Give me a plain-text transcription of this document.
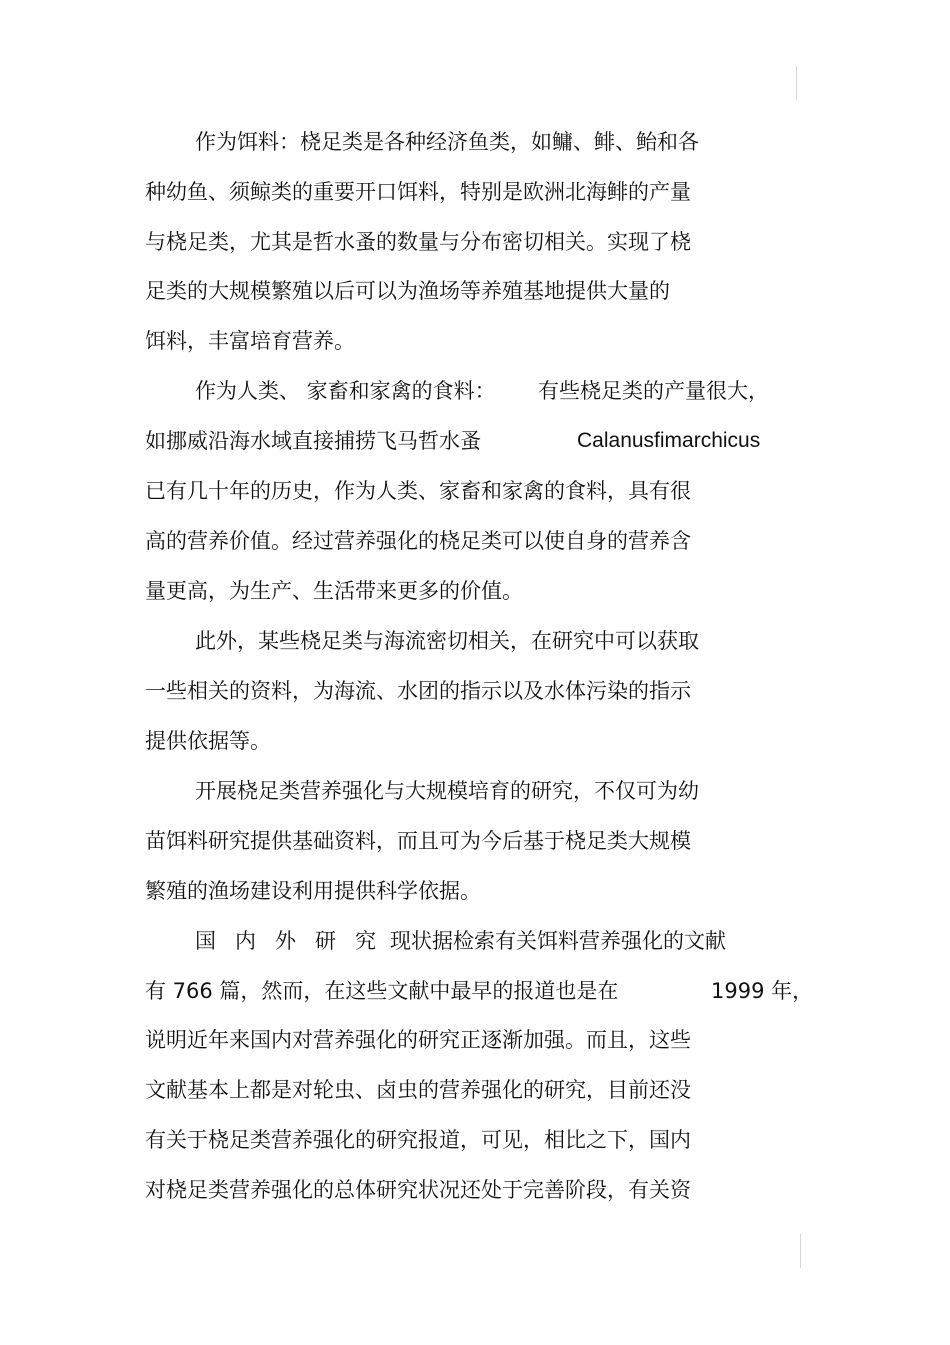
作为饵料：桡足类是各种经济鱼类，如鳙、鲱、鲐和各
种幼鱼、须鲸类的重要开口饵料，特别是欧洲北海鲱的产量
与桡足类，尤其是哲水蚤的数量与分布密切相关。实现了桡
足类的大规模繁殖以后可以为渔场等养殖基地提供大量的
饵料，丰富培育营养。
作为人类、 家畜和家禽的食料： 有些桡足类的产量很大，
如挪威沿海水域直接捕捞飞马哲水蚤	Calanusfimarchicus
已有几十年的历史，作为人类、家畜和家禽的食料，具有很
高的营养价值。经过营养强化的桡足类可以使自身的营养含
量更高，为生产、生活带来更多的价值。
此外，某些桡足类与海流密切相关，在研究中可以获取
一些相关的资料，为海流、水团的指示以及水体污染的指示
提供依据等。
开展桡足类营养强化与大规模培育的研究，不仅可为幼
苗饵料研究提供基础资料，而且可为今后基于桡足类大规模
繁殖的渔场建设利用提供科学依据。
国内外研究
现状据检索有关饵料营养强化的文献
有 766 篇，然而，在这些文献中最早的报道也是在	1999 年，
说明近年来国内对营养强化的研究正逐渐加强。而且，这些
文献基本上都是对轮虫、卤虫的营养强化的研究，目前还没
有关于桡足类营养强化的研究报道，可见，相比之下，国内
对桡足类营养强化的总体研究状况还处于完善阶段，有关资
